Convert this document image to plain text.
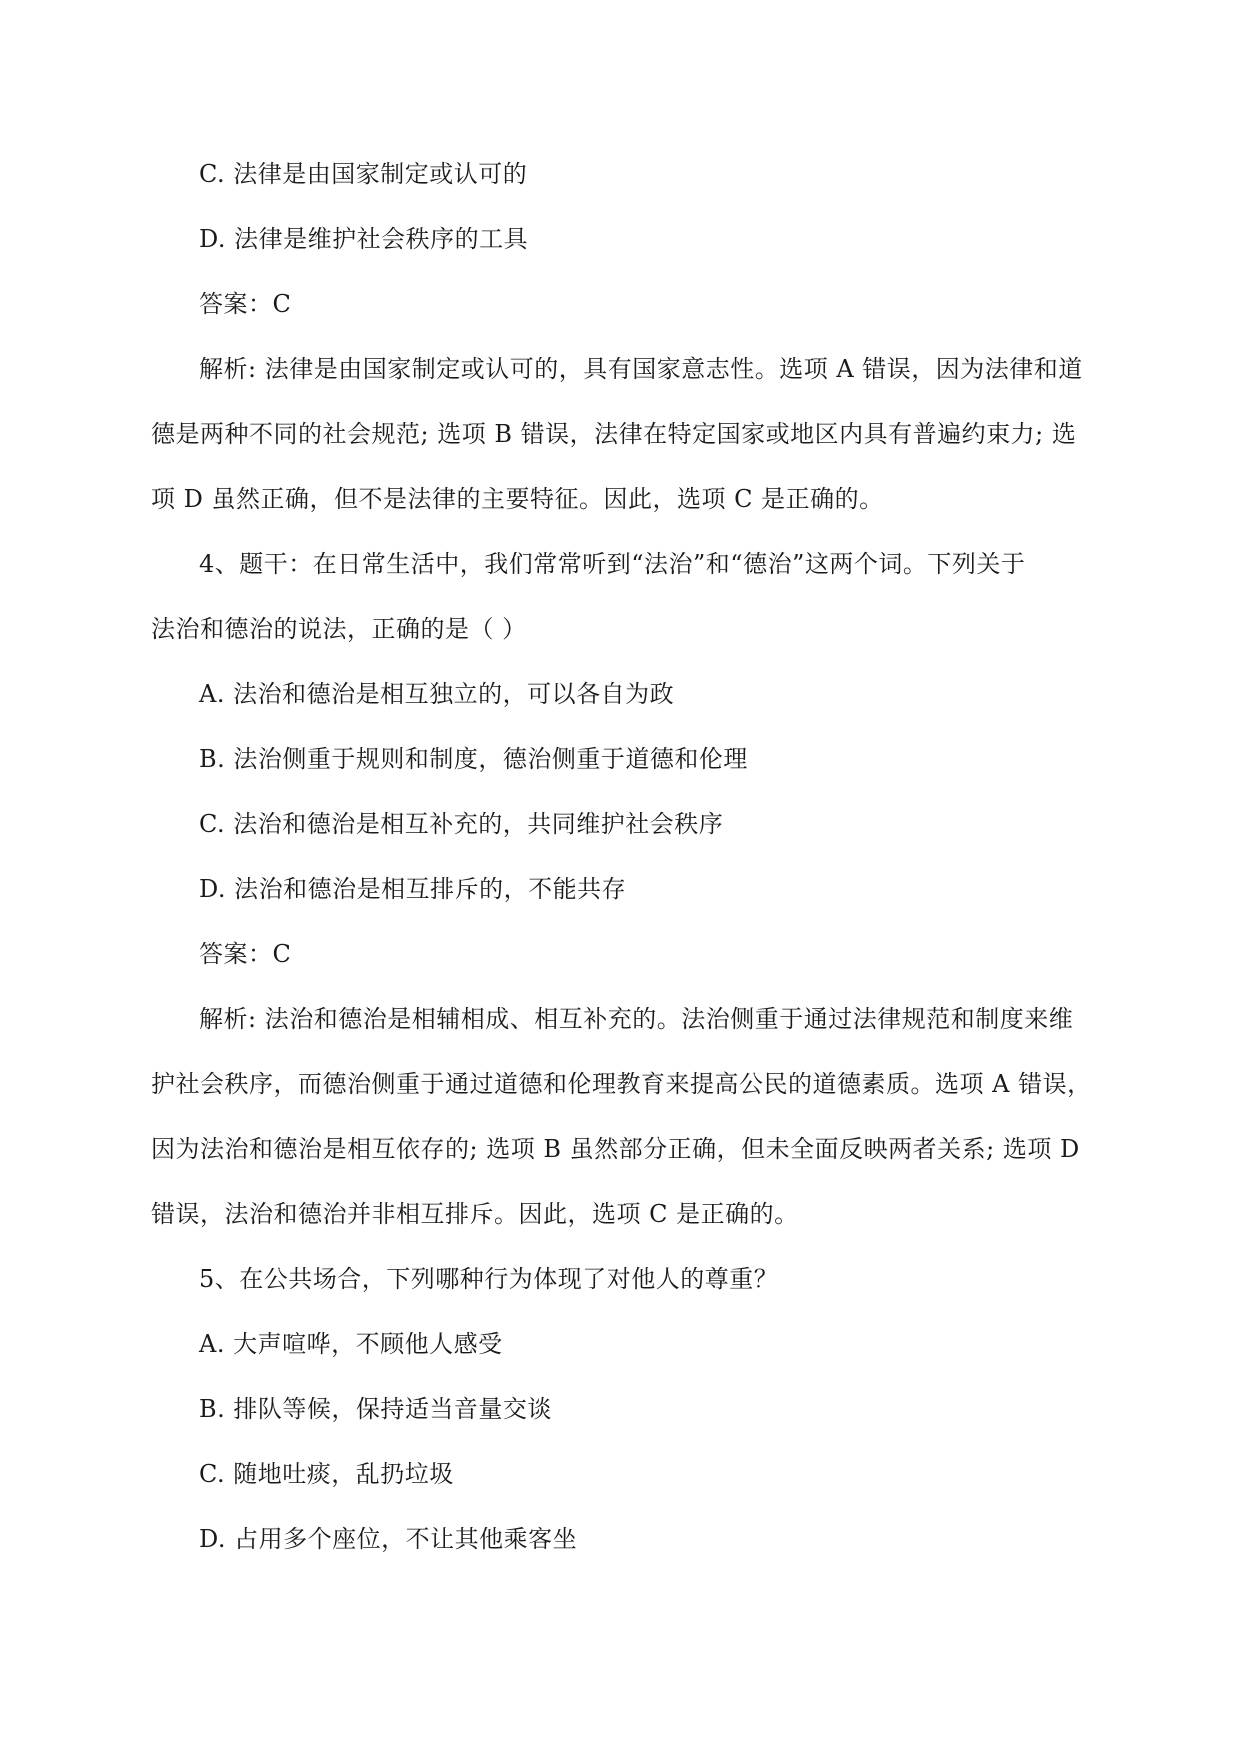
C. 法律是由国家制定或认可的
D. 法律是维护社会秩序的工具
答案：C
解析: 法律是由国家制定或认可的，具有国家意志性。选项 A 错误，因为法律和道
德是两种不同的社会规范; 选项 B 错误，法律在特定国家或地区内具有普遍约束力; 选
项 D 虽然正确，但不是法律的主要特征。因此，选项 C 是正确的。
4、题干：在日常生活中，我们常常听到“法治”和“德治”这两个词。下列关于
法治和德治的说法，正确的是（ ）
A. 法治和德治是相互独立的，可以各自为政
B. 法治侧重于规则和制度，德治侧重于道德和伦理
C. 法治和德治是相互补充的，共同维护社会秩序
D. 法治和德治是相互排斥的，不能共存
答案：C
解析: 法治和德治是相辅相成、相互补充的。法治侧重于通过法律规范和制度来维
护社会秩序，而德治侧重于通过道德和伦理教育来提高公民的道德素质。选项 A 错误，
因为法治和德治是相互依存的; 选项 B 虽然部分正确，但未全面反映两者关系; 选项 D
错误，法治和德治并非相互排斥。因此，选项 C 是正确的。
5、在公共场合，下列哪种行为体现了对他人的尊重？
A. 大声喧哗，不顾他人感受
B. 排队等候，保持适当音量交谈
C. 随地吐痰，乱扔垃圾
D. 占用多个座位，不让其他乘客坐
